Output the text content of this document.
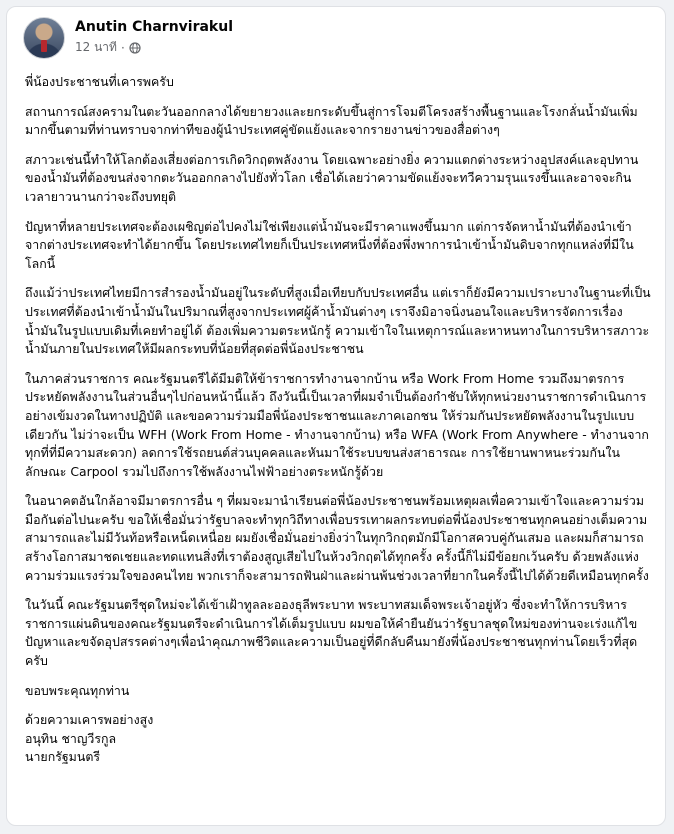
Anutin Charnvirakul
12 นาที ·

พี่น้องประชาชนที่เคารพครับ

สถานการณ์สงครามในตะวันออกกลางได้ขยายวงและยกระดับขึ้นสู่การโจมตีโครงสร้างพื้นฐานและโรงกลั่นน้ำมันเพิ่มมากขึ้นตามที่ท่านทราบจากท่าทีของผู้นำประเทศคู่ขัดแย้งและจากรายงานข่าวของสื่อต่างๆ

สภาวะเช่นนี้ทำให้โลกต้องเสี่ยงต่อการเกิดวิกฤตพลังงาน โดยเฉพาะอย่างยิ่ง ความแตกต่างระหว่างอุปสงค์และอุปทานของน้ำมันที่ต้องขนส่งจากตะวันออกกลางไปยังทั่วโลก เชื่อได้เลยว่าความขัดแย้งจะทวีความรุนแรงขึ้นและอาจจะกินเวลายาวนานกว่าจะถึงบทยุติ

ปัญหาที่หลายประเทศจะต้องเผชิญต่อไปคงไม่ใช่เพียงแต่น้ำมันจะมีราคาแพงขึ้นมาก แต่การจัดหาน้ำมันที่ต้องนำเข้าจากต่างประเทศจะทำได้ยากขึ้น โดยประเทศไทยก็เป็นประเทศหนึ่งที่ต้องพึ่งพาการนำเข้าน้ำมันดิบจากทุกแหล่งที่มีในโลกนี้

ถึงแม้ว่าประเทศไทยมีการสำรองน้ำมันอยู่ในระดับที่สูงเมื่อเทียบกับประเทศอื่น แต่เราก็ยังมีความเปราะบางในฐานะที่เป็นประเทศที่ต้องนำเข้าน้ำมันในปริมาณที่สูงจากประเทศผู้ค้าน้ำมันต่างๆ เราจึงมิอาจนิ่งนอนใจและบริหารจัดการเรื่องน้ำมันในรูปแบบเดิมที่เคยทำอยู่ได้ ต้องเพิ่มความตระหนักรู้ ความเข้าใจในเหตุการณ์และหาหนทางในการบริหารสภาวะน้ำมันภายในประเทศให้มีผลกระทบที่น้อยที่สุดต่อพี่น้องประชาชน

ในภาคส่วนราชการ คณะรัฐมนตรีได้มีมติให้ข้าราชการทำงานจากบ้าน หรือ Work From Home รวมถึงมาตรการประหยัดพลังงานในส่วนอื่นๆไปก่อนหน้านี้แล้ว ถึงวันนี้เป็นเวลาที่ผมจำเป็นต้องกำชับให้ทุกหน่วยงานราชการดำเนินการอย่างเข้มงวดในทางปฏิบัติ และขอความร่วมมือพี่น้องประชาชนและภาคเอกชน ให้ร่วมกันประหยัดพลังงานในรูปแบบเดียวกัน ไม่ว่าจะเป็น WFH (Work From Home - ทำงานจากบ้าน) หรือ WFA (Work From Anywhere - ทำงานจากทุกที่ที่มีความสะดวก) ลดการใช้รถยนต์ส่วนบุคคลและหันมาใช้ระบบขนส่งสาธารณะ การใช้ยานพาหนะร่วมกันในลักษณะ Carpool รวมไปถึงการใช้พลังงานไฟฟ้าอย่างตระหนักรู้ด้วย

ในอนาคตอันใกล้อาจมีมาตรการอื่น ๆ ที่ผมจะมานำเรียนต่อพี่น้องประชาชนพร้อมเหตุผลเพื่อความเข้าใจและความร่วมมือกันต่อไปนะครับ ขอให้เชื่อมั่นว่ารัฐบาลจะทำทุกวิถีทางเพื่อบรรเทาผลกระทบต่อพี่น้องประชาชนทุกคนอย่างเต็มความสามารถและไม่มีวันท้อหรือเหน็ดเหนื่อย ผมยังเชื่อมั่นอย่างยิ่งว่าในทุกวิกฤตมักมีโอกาสควบคู่กันเสมอ และผมก็สามารถสร้างโอกาสมาชดเชยและทดแทนสิ่งที่เราต้องสูญเสียไปในห้วงวิกฤตได้ทุกครั้ง ครั้งนี้ก็ไม่มีข้อยกเว้นครับ ด้วยพลังแห่งความร่วมแรงร่วมใจของคนไทย พวกเราก็จะสามารถฟันฝ่าและผ่านพ้นช่วงเวลาที่ยากในครั้งนี้ไปได้ด้วยดีเหมือนทุกครั้ง

ในวันนี้ คณะรัฐมนตรีชุดใหม่จะได้เข้าเฝ้าทูลละอองธุลีพระบาท พระบาทสมเด็จพระเจ้าอยู่หัว ซึ่งจะทำให้การบริหารราชการแผ่นดินของคณะรัฐมนตรีจะดำเนินการได้เต็มรูปแบบ ผมขอให้คำยืนยันว่ารัฐบาลชุดใหม่ของท่านจะเร่งแก้ไขปัญหาและขจัดอุปสรรคต่างๆเพื่อนำคุณภาพชีวิตและความเป็นอยู่ที่ดีกลับคืนมายังพี่น้องประชาชนทุกท่านโดยเร็วที่สุดครับ

ขอบพระคุณทุกท่าน

ด้วยความเคารพอย่างสูง

อนุทิน ชาญวีรกูล

นายกรัฐมนตรี
